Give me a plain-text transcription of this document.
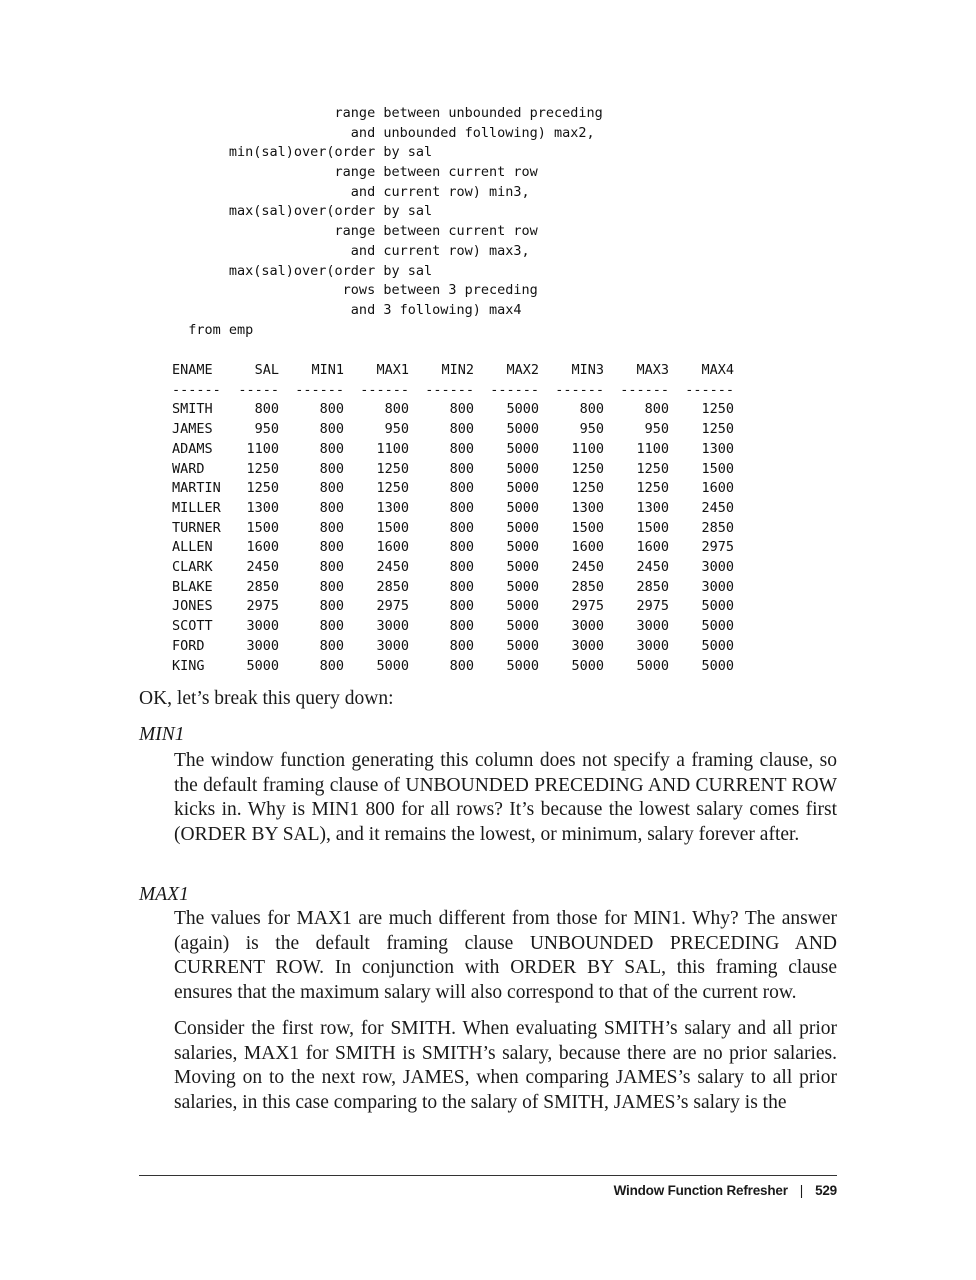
range between unbounded preceding
and unbounded following) max2,
min(sal)over(order by sal
range between current row
and current row) min3,
max(sal)over(order by sal
range between current row
and current row) max3,
max(sal)over(order by sal
rows between 3 preceding
and 3 following) max4
from emp
ENAME	SAL	MIN1	MAX1	MIN2	MAX2	MIN3	MAX3	MAX4
------	-----	------	------	------	------	------	------	------
SMITH	800	800	800	800	5000	800	800	1250
JAMES	950	800	950	800	5000	950	950	1250
ADAMS	1100	800	1100	800	5000	1100	1100	1300
WARD	1250	800	1250	800	5000	1250	1250	1500
MARTIN	1250	800	1250	800	5000	1250	1250	1600
MILLER	1300	800	1300	800	5000	1300	1300	2450
TURNER	1500	800	1500	800	5000	1500	1500	2850
ALLEN	1600	800	1600	800	5000	1600	1600	2975
CLARK	2450	800	2450	800	5000	2450	2450	3000
BLAKE	2850	800	2850	800	5000	2850	2850	3000
JONES	2975	800	2975	800	5000	2975	2975	5000
SCOTT	3000	800	3000	800	5000	3000	3000	5000
FORD	3000	800	3000	800	5000	3000	3000	5000
KING	5000	800	5000	800	5000	5000	5000	5000
OK, let’s break this query down:
MIN1

The window function generating this column does not specify a framing clause, so the default framing clause of UNBOUNDED PRECEDING AND CURRENT ROW kicks in. Why is MIN1 800 for all rows? It’s because the lowest salary comes first (ORDER BY SAL), and it remains the lowest, or minimum, salary forever after.

MAX1

The values for MAX1 are much different from those for MIN1. Why? The answer (again) is the default framing clause UNBOUNDED PRECEDING AND CURRENT ROW. In conjunction with ORDER BY SAL, this framing clause ensures that the maximum salary will also correspond to that of the current row.

Consider the first row, for SMITH. When evaluating SMITH’s salary and all prior salaries, MAX1 for SMITH is SMITH’s salary, because there are no prior salaries. Moving on to the next row, JAMES, when comparing JAMES’s salary to all prior salaries, in this case comparing to the salary of SMITH, JAMES’s salary is the

Window Function Refresher | 529
